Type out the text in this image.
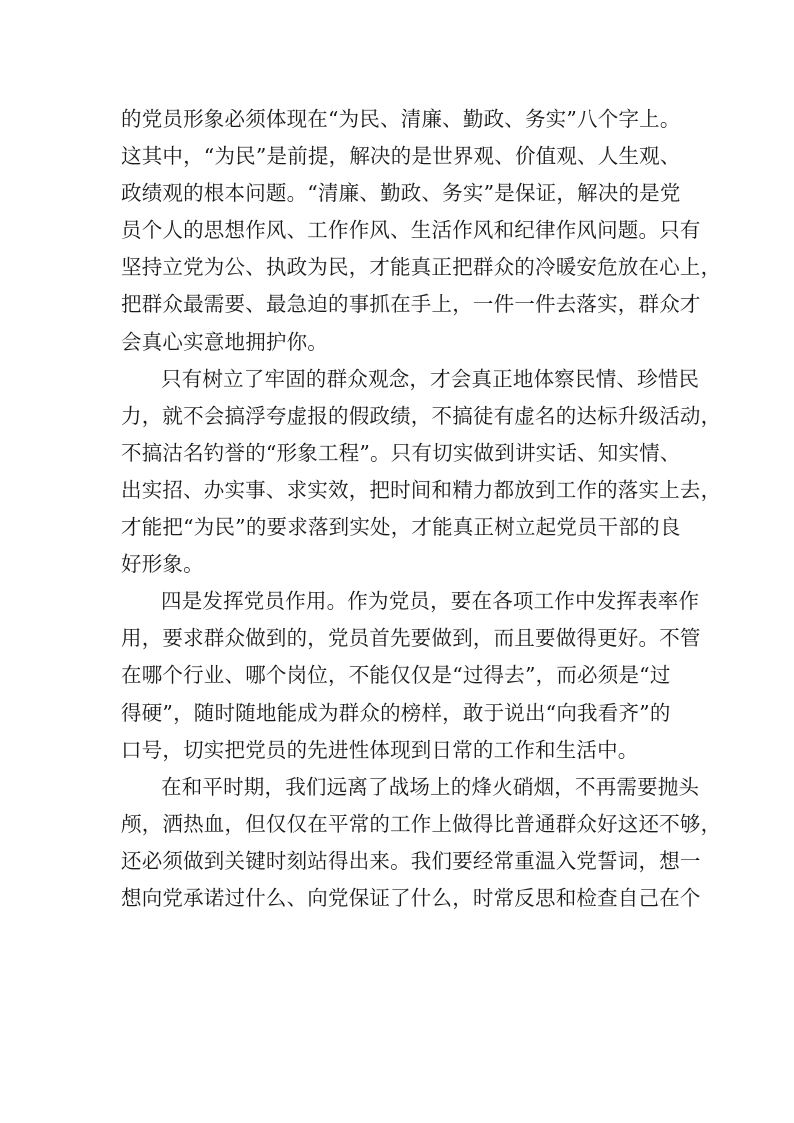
的党员形象必须体现在“为民、清廉、勤政、务实”八个字上。
这其中，“为民”是前提，解决的是世界观、价值观、人生观、
政绩观的根本问题。“清廉、勤政、务实”是保证，解决的是党
员个人的思想作风、工作作风、生活作风和纪律作风问题。只有
坚持立党为公、执政为民，才能真正把群众的冷暖安危放在心上，
把群众最需要、最急迫的事抓在手上，一件一件去落实，群众才
会真心实意地拥护你。
只有树立了牢固的群众观念，才会真正地体察民情、珍惜民
力，就不会搞浮夸虚报的假政绩，不搞徒有虚名的达标升级活动，
不搞沽名钓誉的“形象工程”。只有切实做到讲实话、知实情、
出实招、办实事、求实效，把时间和精力都放到工作的落实上去，
才能把“为民”的要求落到实处，才能真正树立起党员干部的良
好形象。
四是发挥党员作用。作为党员，要在各项工作中发挥表率作
用，要求群众做到的，党员首先要做到，而且要做得更好。不管
在哪个行业、哪个岗位，不能仅仅是“过得去”，而必须是“过
得硬”，随时随地能成为群众的榜样，敢于说出“向我看齐”的
口号，切实把党员的先进性体现到日常的工作和生活中。
在和平时期，我们远离了战场上的烽火硝烟，不再需要抛头
颅，洒热血，但仅仅在平常的工作上做得比普通群众好这还不够，
还必须做到关键时刻站得出来。我们要经常重温入党誓词，想一
想向党承诺过什么、向党保证了什么，时常反思和检查自己在个
